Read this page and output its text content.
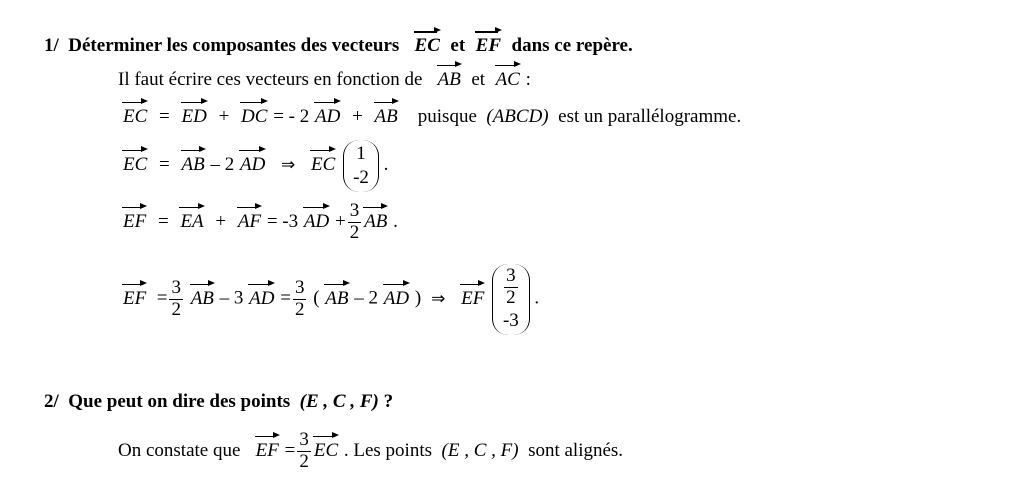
1/ Déterminer les composantes des vecteurs EC et EF dans ce repère.
Il faut écrire ces vecteurs en fonction de AB et AC :
EC = ED + DC = - 2 AD + AB puisque (ABCD) est un parallélogramme.
EC = AB – 2 AD ⇒ EC
1
-2
.
EF = EA + AF = -3 AD + $\frac{3}{2}$ AB .
EF  = $\frac{3}{2}$ AB – 3 AD = $\frac{3}{2}$ ( AB – 2 AD ) ⇒ EF $\frac{3}{2}$
-3
.
2/ Que peut on dire des points (E , C , F) ?
On constate que EF = $\frac{3}{2}$ EC . Les points (E , C , F) sont alignés.
